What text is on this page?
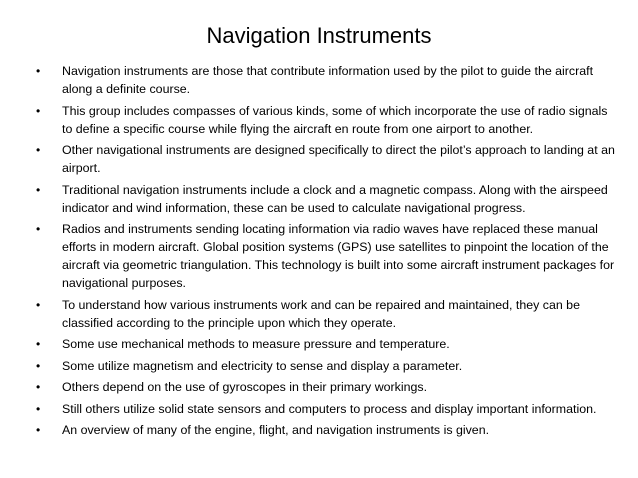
Navigation Instruments
•	Navigation instruments are those that contribute information used by the pilot to guide the aircraft along a definite course.
•	This group includes compasses of various kinds, some of which incorporate the use of radio signals to define a specific course while flying the aircraft en route from one airport to another.
•	Other navigational instruments are designed specifically to direct the pilot’s approach to landing at an airport.
•	Traditional navigation instruments include a clock and a magnetic compass. Along with the airspeed indicator and wind information, these can be used to calculate navigational progress.
•	Radios and instruments sending locating information via radio waves have replaced these manual efforts in modern aircraft. Global position systems (GPS) use satellites to pinpoint the location of the aircraft via geometric triangulation. This technology is built into some aircraft instrument packages for navigational purposes.
•	To understand how various instruments work and can be repaired and maintained, they can be classified according to the principle upon which they operate.
•	Some use mechanical methods to measure pressure and temperature.
•	Some utilize magnetism and electricity to sense and display a parameter.
•	Others depend on the use of gyroscopes in their primary workings.
•	Still others utilize solid state sensors and computers to process and display important information.
•	An overview of many of the engine, flight, and navigation instruments is given.
